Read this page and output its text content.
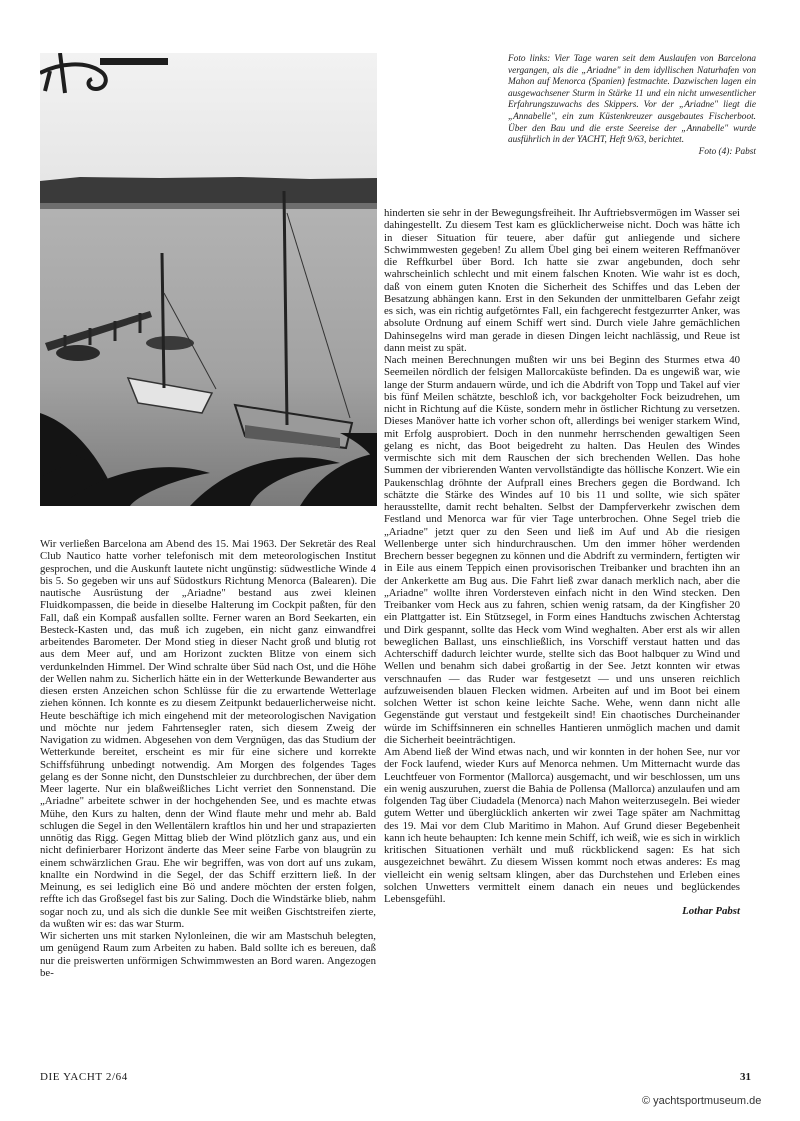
Foto links: Vier Tage waren seit dem Auslaufen von Barcelona vergangen, als die „Ariadne" in dem idyllischen Naturhafen von Mahon auf Menorca (Spanien) festmachte. Dazwischen lagen ein ausgewachsener Sturm in Stärke 11 und ein nicht unwesentlicher Erfahrungszuwachs des Skippers. Vor der „Ariadne" liegt die „Annabelle", ein zum Küstenkreuzer ausgebautes Fischerboot. Über den Bau und die erste Seereise der „Annabelle" wurde ausführlich in der YACHT, Heft 9/63, berichtet.
Foto (4): Pabst

Wir verließen Barcelona am Abend des 15. Mai 1963. Der Sekretär des Real Club Nautico hatte vorher telefonisch mit dem meteorologischen Institut gesprochen, und die Auskunft lautete nicht ungünstig: südwestliche Winde 4 bis 5. So gegeben wir uns auf Südostkurs Richtung Menorca (Balearen). Die nautische Ausrüstung der „Ariadne" bestand aus zwei kleinen Fluidkompassen, die beide in dieselbe Halterung im Cockpit paßten, für den Fall, daß ein Kompaß ausfallen sollte. Ferner waren an Bord Seekarten, ein Besteck-Kasten und, das muß ich zugeben, ein nicht ganz einwandfrei arbeitendes Barometer. Der Mond stieg in dieser Nacht groß und blutig rot aus dem Meer auf, und am Horizont zuckten Blitze von einem sich verdunkelnden Himmel. Der Wind schralte über Süd nach Ost, und die Höhe der Wellen nahm zu. Sicherlich hätte ein in der Wetterkunde Bewanderter aus diesen ersten Anzeichen schon Schlüsse für die zu erwartende Wetterlage ziehen können. Ich konnte es zu diesem Zeitpunkt bedauerlicherweise nicht. Heute beschäftige ich mich eingehend mit der meteorologischen Navigation und möchte nur jedem Fahrtensegler raten, sich diesem Zweig der Navigation zu widmen. Abgesehen von dem Vergnügen, das das Studium der Wetterkunde bereitet, erscheint es mir für eine sichere und korrekte Schiffsführung unbedingt notwendig. Am Morgen des folgendes Tages gelang es der Sonne nicht, den Dunstschleier zu durchbrechen, der über dem Meer lagerte. Nur ein blaßweißliches Licht verriet den Sonnenstand. Die „Ariadne" arbeitete schwer in der hochgehenden See, und es machte etwas Mühe, den Kurs zu halten, denn der Wind flaute mehr und mehr ab. Bald schlugen die Segel in den Wellentälern kraftlos hin und her und strapazierten unnötig das Rigg. Gegen Mittag blieb der Wind plötzlich ganz aus, und ein nicht definierbarer Horizont änderte das Meer seine Farbe von blaugrün zu einem schwärzlichen Grau. Ehe wir begriffen, was von dort auf uns zukam, knallte ein Nordwind in die Segel, der das Schiff erzittern ließ. In der Meinung, es sei lediglich eine Bö und andere möchten der ersten folgen, reffte ich das Großsegel fast bis zur Saling. Doch die Windstärke blieb, nahm sogar noch zu, und als sich die dunkle See mit weißen Gischtstreifen zierte, da wußten wir es: das war Sturm.

Wir sicherten uns mit starken Nylonleinen, die wir am Mastschuh belegten, um genügend Raum zum Arbeiten zu haben. Bald sollte ich es bereuen, daß nur die preiswerten unförmigen Schwimmwesten an Bord waren. Angezogen be-

hinderten sie sehr in der Bewegungsfreiheit. Ihr Auftriebsvermögen im Wasser sei dahingestellt. Zu diesem Test kam es glücklicherweise nicht. Doch was hätte ich in dieser Situation für teuere, aber dafür gut anliegende und sichere Schwimmwesten gegeben! Zu allem Übel ging bei einem weiteren Reffmanöver die Reffkurbel über Bord. Ich hatte sie zwar angebunden, doch sehr wahrscheinlich schlecht und mit einem falschen Knoten. Wie wahr ist es doch, daß von einem guten Knoten die Sicherheit des Schiffes und das Leben der Besatzung abhängen kann. Erst in den Sekunden der unmittelbaren Gefahr zeigt es sich, was ein richtig aufgetörntes Fall, ein fachgerecht festgezurrter Anker, was absolute Ordnung auf einem Schiff wert sind. Durch viele Jahre gemächlichen Dahinsegelns wird man gerade in diesen Dingen leicht nachlässig, und Reue ist dann meist zu spät.

Nach meinen Berechnungen mußten wir uns bei Beginn des Sturmes etwa 40 Seemeilen nördlich der felsigen Mallorcaküste befinden. Da es ungewiß war, wie lange der Sturm andauern würde, und ich die Abdrift von Topp und Takel auf vier bis fünf Meilen schätzte, beschloß ich, vor backgeholter Fock beizudrehen, um nicht in Richtung auf die Küste, sondern mehr in östlicher Richtung zu versetzen. Dieses Manöver hatte ich vorher schon oft, allerdings bei weniger starkem Wind, mit Erfolg ausprobiert. Doch in den nunmehr herrschenden gewaltigen Seen gelang es nicht, das Boot beigedreht zu halten. Das Heulen des Windes vermischte sich mit dem Rauschen der sich brechenden Wellen. Das hohe Summen der vibrierenden Wanten vervollständigte das höllische Konzert. Wie ein Paukenschlag dröhnte der Aufprall eines Brechers gegen die Bordwand. Ich schätzte die Stärke des Windes auf 10 bis 11 und sollte, wie sich später herausstellte, damit recht behalten. Selbst der Dampferverkehr zwischen dem Festland und Menorca war für vier Tage unterbrochen. Ohne Segel trieb die „Ariadne" jetzt quer zu den Seen und ließ im Auf und Ab die riesigen Wellenberge unter sich hindurchrauschen. Um den immer höher werdenden Brechern besser begegnen zu können und die Abdrift zu vermindern, fertigten wir in Eile aus einem Teppich einen provisorischen Treibanker und brachten ihn an der Ankerkette am Bug aus. Die Fahrt ließ zwar danach merklich nach, aber die „Ariadne" wollte ihren Vordersteven einfach nicht in den Wind stecken. Den Treibanker vom Heck aus zu fahren, schien wenig ratsam, da der Kingfisher 20 ein Plattgatter ist. Ein Stützsegel, in Form eines Handtuchs zwischen Achterstag und Dirk gespannt, sollte das Heck vom Wind weghalten. Aber erst als wir allen beweglichen Ballast, uns einschließlich, ins Vorschiff verstaut hatten und das Achterschiff dadurch leichter wurde, stellte sich das Boot halbquer zu Wind und Wellen und benahm sich dabei großartig in der See. Jetzt konnten wir etwas verschnaufen — das Ruder war festgesetzt — und uns unseren reichlich aufzuweisenden blauen Flecken widmen. Arbeiten auf und im Boot bei einem solchen Wetter ist schon keine leichte Sache. Wehe, wenn dann nicht alle Gegenstände gut verstaut und festgekeilt sind! Ein chaotisches Durcheinander würde im Schiffsinneren ein schnelles Hantieren unmöglich machen und damit die Sicherheit beeinträchtigen.

Am Abend ließ der Wind etwas nach, und wir konnten in der hohen See, nur vor der Fock laufend, wieder Kurs auf Menorca nehmen. Um Mitternacht wurde das Leuchtfeuer von Formentor (Mallorca) ausgemacht, und wir beschlossen, um uns ein wenig auszuruhen, zuerst die Bahia de Pollensa (Mallorca) anzulaufen und am folgenden Tag über Ciudadela (Menorca) nach Mahon weiterzusegeln. Bei wieder gutem Wetter und überglücklich ankerten wir zwei Tage später am Nachmittag des 19. Mai vor dem Club Maritimo in Mahon. Auf Grund dieser Begebenheit kann ich heute behaupten: Ich kenne mein Schiff, ich weiß, wie es sich in wirklich kritischen Situationen verhält und muß rückblickend sagen: Es hat sich ausgezeichnet bewährt. Zu diesem Wissen kommt noch etwas anderes: Es mag vielleicht ein wenig seltsam klingen, aber das Durchstehen und Erleben eines solchen Unwetters vermittelt einem danach ein neues und beglückendes Lebensgefühl.

Lothar Pabst
DIE YACHT 2/64	31
© yachtsportmuseum.de
